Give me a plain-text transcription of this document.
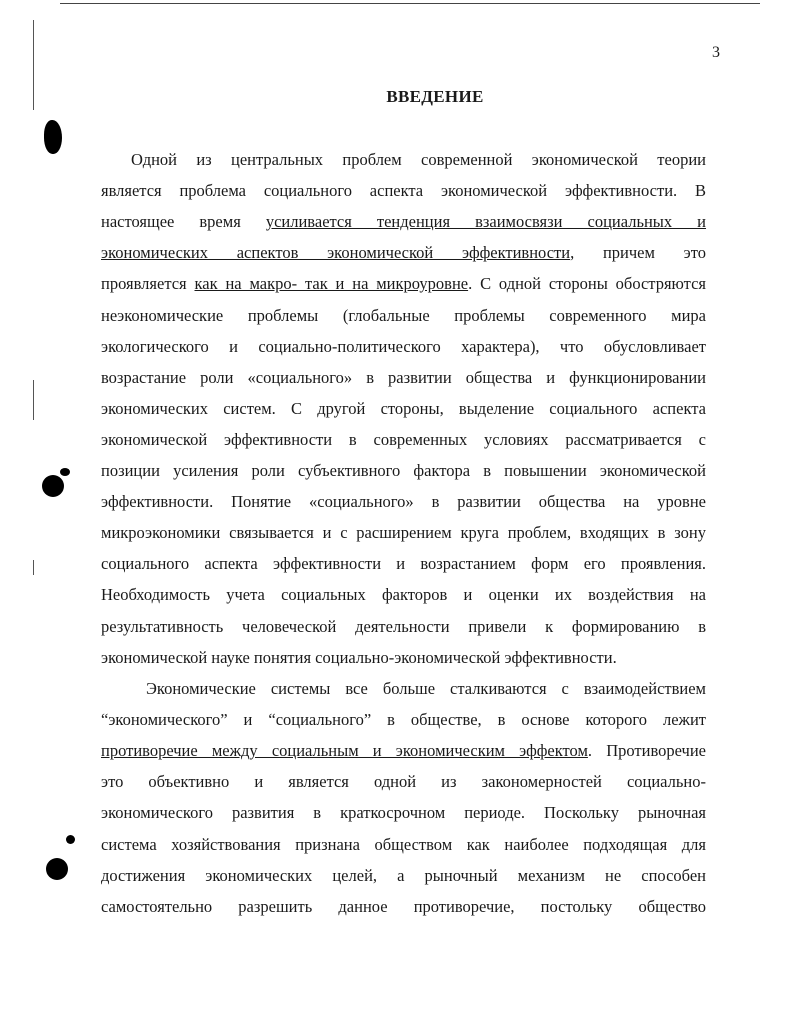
3
ВВЕДЕНИЕ
Одной из центральных проблем современной экономической теории
является проблема социального аспекта экономической эффективности. В
настоящее время усиливается тенденция взаимосвязи социальных и
экономических аспектов экономической эффективности, причем это
проявляется как на макро- так и на микроуровне. С одной стороны обостряются
неэкономические проблемы (глобальные проблемы современного мира
экологического и социально-политического характера), что обусловливает
возрастание роли «социального» в развитии общества и функционировании
экономических систем. С другой стороны, выделение социального аспекта
экономической эффективности в современных условиях рассматривается с
позиции усиления роли субъективного фактора в повышении экономической
эффективности. Понятие «социального» в развитии общества на уровне
микроэкономики связывается и с расширением круга проблем, входящих в зону
социального аспекта эффективности и возрастанием форм его проявления.
Необходимость учета социальных факторов и оценки их воздействия на
результативность человеческой деятельности привели к формированию в
экономической науке понятия социально-экономической эффективности.
Экономические системы все больше сталкиваются с взаимодействием
“экономического” и “социального” в обществе, в основе которого лежит
противоречие между социальным и экономическим эффектом. Противоречие
это объективно и является одной из закономерностей социально-
экономического развития в краткосрочном периоде. Поскольку рыночная
система хозяйствования признана обществом как наиболее подходящая для
достижения экономических целей, а рыночный механизм не способен
самостоятельно разрешить данное противоречие, постольку общество
